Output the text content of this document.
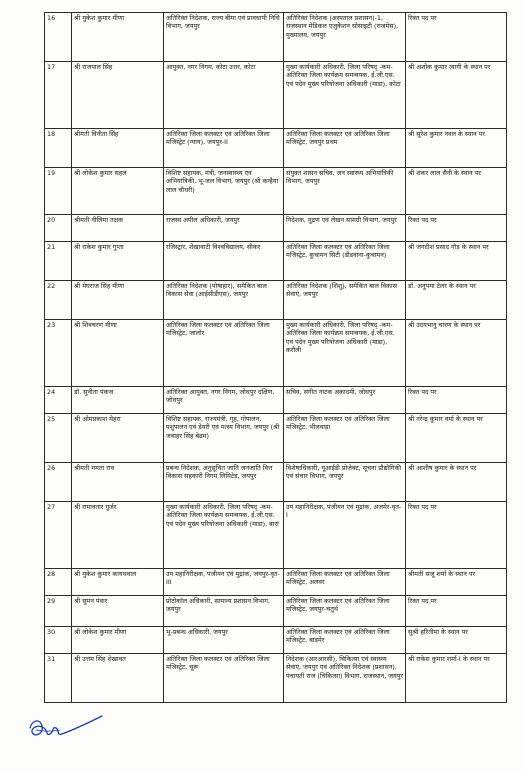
16	श्री मुकेश कुमार मीणा	अतिरिक्त निदेशक, राज्य बीमा एवं प्रावधायी निधि विभाग, जयपुर	अतिरिक्त निदेशक (अस्पताल प्रशासन)-1, राजस्थान मेडिकल एजुकेशन सोसाइटी (राजमेस), मुख्यालय, जयपुर	रिक्त पद पर
17	श्री राजपाल सिंह	आयुक्त, नगर निगम, कोटा उत्तर, कोटा	मुख्य कार्यकारी अधिकारी, जिला परिषद् -कम- अतिरिक्त जिला कार्यक्रम समन्वयक, ई.जी.एस. एवं पदेन मुख्य परियोजना अधिकारी (माडा), कोटा	श्री अशोक कुमार त्यागी के स्थान पर
18	श्रीमती विनीता सिंह	अतिरिक्त जिला कलक्टर एवं अतिरिक्त जिला मजिस्ट्रेट (न्याय), जयपुर-II	अतिरिक्त जिला कलक्टर एवं अतिरिक्त जिला मजिस्ट्रेट, जयपुर प्रथम	श्री सुरेश कुमार नवल के स्थान पर
19	श्री लोकेश कुमार सहल	विशिष्ट सहायक, मंत्री, जनस्वास्थ्य एवं अभियांत्रिकी, भू-जल विभाग, जयपुर (श्री कन्हैया लाल चौधरी)	संयुक्त शासन सचिव, जन स्वास्थ्य अभियांत्रिकी विभाग, जयपुर	श्री शंकर लाल सैनी के स्थान पर
20	श्रीमती नीलिमा तक्षक	राजस्व अपील अधिकारी, जयपुर	निदेशक, मुद्रण एवं लेखन सामग्री विभाग, जयपुर	रिक्त पद पर
21	श्री राकेश कुमार गुप्ता	रजिस्ट्रार, शेखावाटी विश्वविद्यालय, सीकर	अतिरिक्त जिला कलक्टर एवं अतिरिक्त जिला मजिस्ट्रेट, कुचामन सिटी (डीडवाना-कुचामन)	श्री जगदीश प्रसाद गौड़ के स्थान पर
22	श्री मेघराज सिंह मीणा	अतिरिक्त निदेशक (पोषाहार), समेकित बाल विकास सेवा (आईसीडीएस), जयपुर	अतिरिक्त निदेशक (शिशु), समेकित बाल विकास सेवाएं, जयपुर	डॉ. अनुपमा टेलर के स्थान पर
23	श्री शिवचरण मीणा	अतिरिक्त जिला कलक्टर एवं अतिरिक्त जिला मजिस्ट्रेट, जालोर	मुख्य कार्यकारी अधिकारी, जिला परिषद् -कम- अतिरिक्त जिला कार्यक्रम समन्वयक, ई.जी.एस. एवं पदेन मुख्य परियोजना अधिकारी (माडा), करौली	श्री उदयभानु चारण के स्थान पर
24	डॉ. सुनीता पंकज	अतिरिक्त आयुक्त, नगर निगम, जोधपुर दक्षिण, जोधपुर	सचिव, संगीत नाटक अकादमी, जोधपुर	रिक्त पद पर
25	श्री ओमप्रकाश मेहरा	विशिष्ट सहायक, राज्यमंत्री, गृह, गोपालन, पशुपालन एवं डेयरी एवं मत्स्य विभाग, जयपुर (श्री जवाहर सिंह बेढम)	अतिरिक्त जिला कलक्टर एवं अतिरिक्त जिला मजिस्ट्रेट, भीलवाड़ा	श्री नरेन्द्र कुमार वर्मा के स्थान पर
26	श्रीमती ममता राव	प्रबन्ध निदेशक, अनुसूचित जाति जनजाति वित्त विकास सहकारी निगम लिमिटेड, जयपुर	विशेषाधिकारी, यूआईडी प्रोजेक्ट, सूचना प्रौद्योगिकी एवं संचार विभाग, जयपुर	श्री आशीष कुमार के स्थान पर
27	श्री रामावतार गुर्जर	मुख्य कार्यकारी अधिकारी, जिला परिषद् -कम- अतिरिक्त जिला कार्यक्रम समन्वयक, ई.जी.एस. एवं पदेन मुख्य परियोजना अधिकारी (माडा), बारां	उप महानिरीक्षक, पंजीयन एवं मुद्रांक, अजमेर-वृत-I	रिक्त पद पर
28	श्री मुकेश कुमार कायथवाल	उप महानिरीक्षक, पंजीयन एवं मुद्रांक, जयपुर-वृत-III	अतिरिक्त जिला कलक्टर एवं अतिरिक्त जिला मजिस्ट्रेट, अलवर	श्रीमती संजू शर्मा के स्थान पर
29	श्री सुमन पंवार	प्रोटोकॉल अधिकारी, सामान्य प्रशासन विभाग, जयपुर	अतिरिक्त जिला कलक्टर एवं अतिरिक्त जिला मजिस्ट्रेट, जयपुर-चतुर्थ	रिक्त पद पर
30	श्री लोकेश कुमार मीणा	भू-प्रबन्ध अधिकारी, जयपुर	अतिरिक्त जिला कलक्टर एवं अतिरिक्त जिला मजिस्ट्रेट, बाड़मेर	सुश्री हरितीमा के स्थान पर
31	श्री उत्तम सिंह शेखावत	अतिरिक्त जिला कलक्टर एवं अतिरिक्त जिला मजिस्ट्रेट, चूरू	निदेशक (आरआरसी), चिकित्सा एवं स्वास्थ्य सेवाएं, जयपुर एवं अतिरिक्त निदेशक (प्रशासन), पंचायती राज (चिकित्सा) विभाग, राजस्थान, जयपुर	श्री राकेश कुमार शर्मा-I के स्थान पर
